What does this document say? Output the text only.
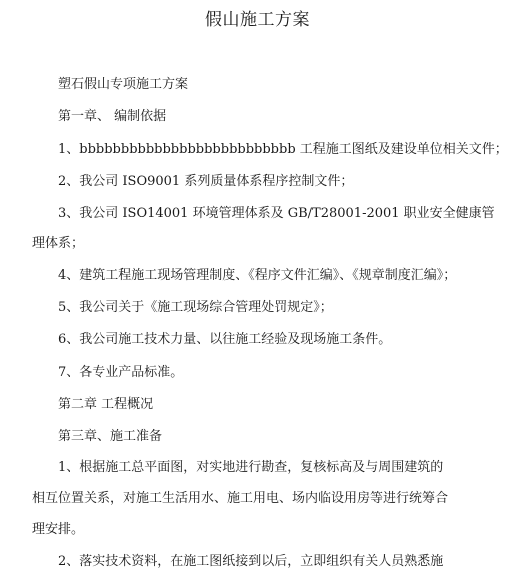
假山施工方案

塑石假山专项施工方案

第一章、 编制依据

1、bbbbbbbbbbbbbbbbbbbbbbbbbb 工程施工图纸及建设单位相关文件；

2、我公司 ISO9001 系列质量体系程序控制文件；

3、我公司 ISO14001 环境管理体系及 GB/T28001-2001 职业安全健康管

理体系；

4、建筑工程施工现场管理制度、《程序文件汇编》、《规章制度汇编》；

5、我公司关于《施工现场综合管理处罚规定》；

6、我公司施工技术力量、以往施工经验及现场施工条件。

7、各专业产品标准。

第二章 工程概况

第三章、施工准备

1、根据施工总平面图，对实地进行勘查，复核标高及与周围建筑的

相互位置关系，对施工生活用水、施工用电、场内临设用房等进行统筹合

理安排。

2、落实技术资料，在施工图纸接到以后，立即组织有关人员熟悉施
